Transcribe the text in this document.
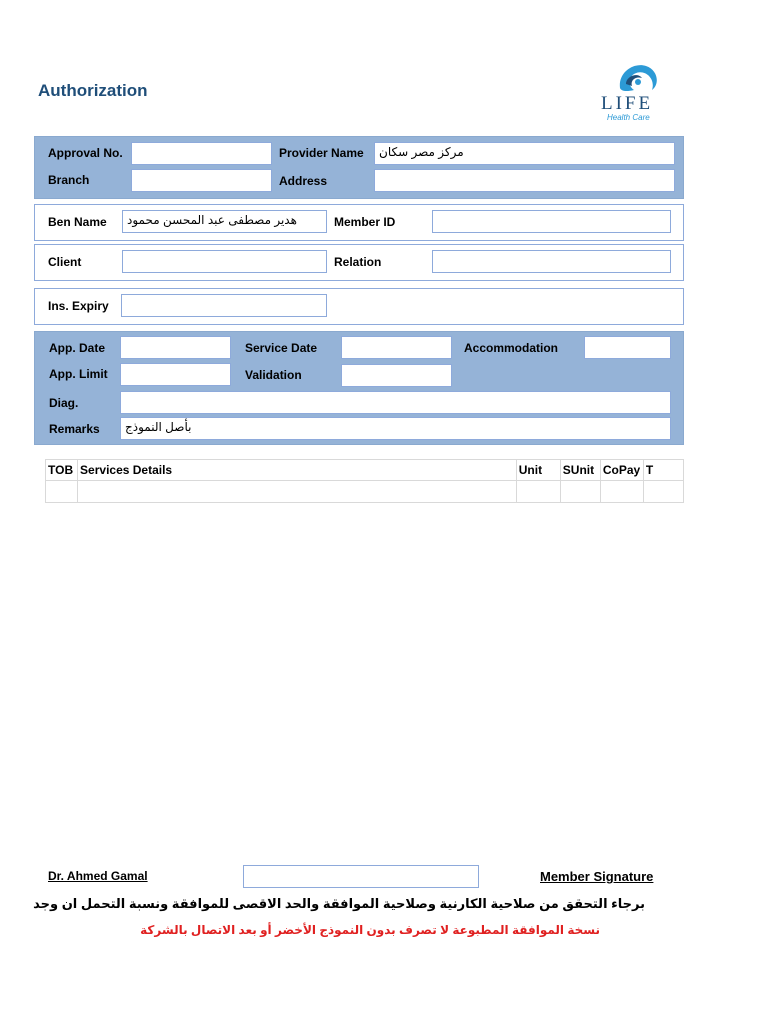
Authorization
LIFE
Health Care
Approval No.	Provider Name	مركز مصر سكان
Branch	Address
Ben Name	هدير مصطفى عبد المحسن محمود	Member ID
Client	Relation
Ins. Expiry
App. Date	Service Date	Accommodation
App. Limit	Validation
Diag.
Remarks	بأصل النموذج
TOB	Services Details	Unit	SUnit	CoPay	T

Dr. Ahmed Gamal	Member Signature
برجاء التحقق من صلاحية الكارنية وصلاحية الموافقة والحد الاقصى للموافقة ونسبة التحمل ان وجد
نسخة الموافقة المطبوعة لا تصرف بدون النموذج الأخضر أو بعد الاتصال بالشركة
